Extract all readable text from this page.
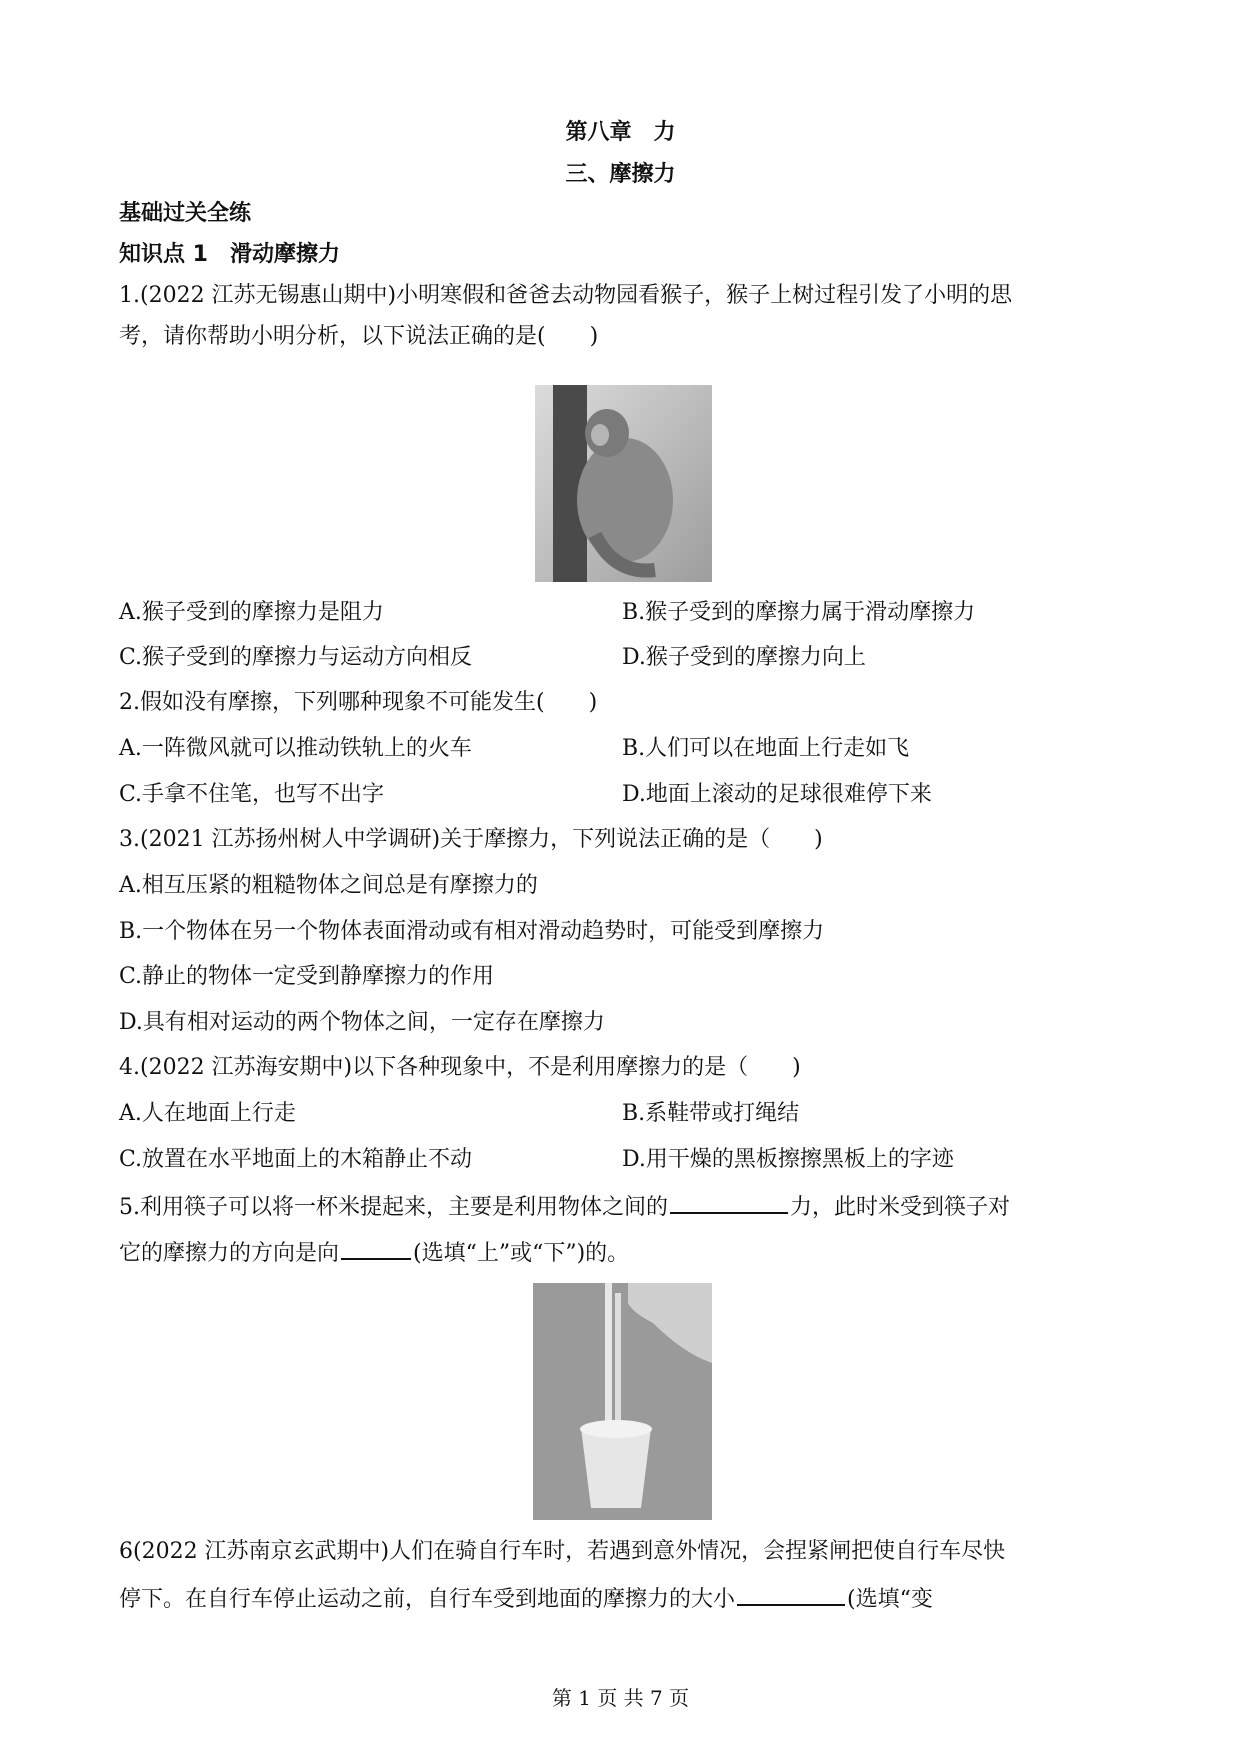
第八章　力
三、摩擦力
基础过关全练
知识点 1　滑动摩擦力
1.(2022 江苏无锡惠山期中)小明寒假和爸爸去动物园看猴子，猴子上树过程引发了小明的思
考，请你帮助小明分析，以下说法正确的是(　　)
A.猴子受到的摩擦力是阻力	B.猴子受到的摩擦力属于滑动摩擦力
C.猴子受到的摩擦力与运动方向相反	D.猴子受到的摩擦力向上
2.假如没有摩擦，下列哪种现象不可能发生(　　)
A.一阵微风就可以推动铁轨上的火车	B.人们可以在地面上行走如飞
C.手拿不住笔，也写不出字	D.地面上滚动的足球很难停下来
3.(2021 江苏扬州树人中学调研)关于摩擦力，下列说法正确的是（　　)
A.相互压紧的粗糙物体之间总是有摩擦力的
B.一个物体在另一个物体表面滑动或有相对滑动趋势时，可能受到摩擦力
C.静止的物体一定受到静摩擦力的作用
D.具有相对运动的两个物体之间，一定存在摩擦力
4.(2022 江苏海安期中)以下各种现象中，不是利用摩擦力的是（　　)
A.人在地面上行走	B.系鞋带或打绳结
C.放置在水平地面上的木箱静止不动	D.用干燥的黑板擦擦黑板上的字迹
5.利用筷子可以将一杯米提起来，主要是利用物体之间的	力，此时米受到筷子对
它的摩擦力的方向是向	(选填“上”或“下”)的。
6(2022 江苏南京玄武期中)人们在骑自行车时，若遇到意外情况，会捏紧闸把使自行车尽快
停下。在自行车停止运动之前，自行车受到地面的摩擦力的大小	(选填“变
第 1 页 共 7 页
